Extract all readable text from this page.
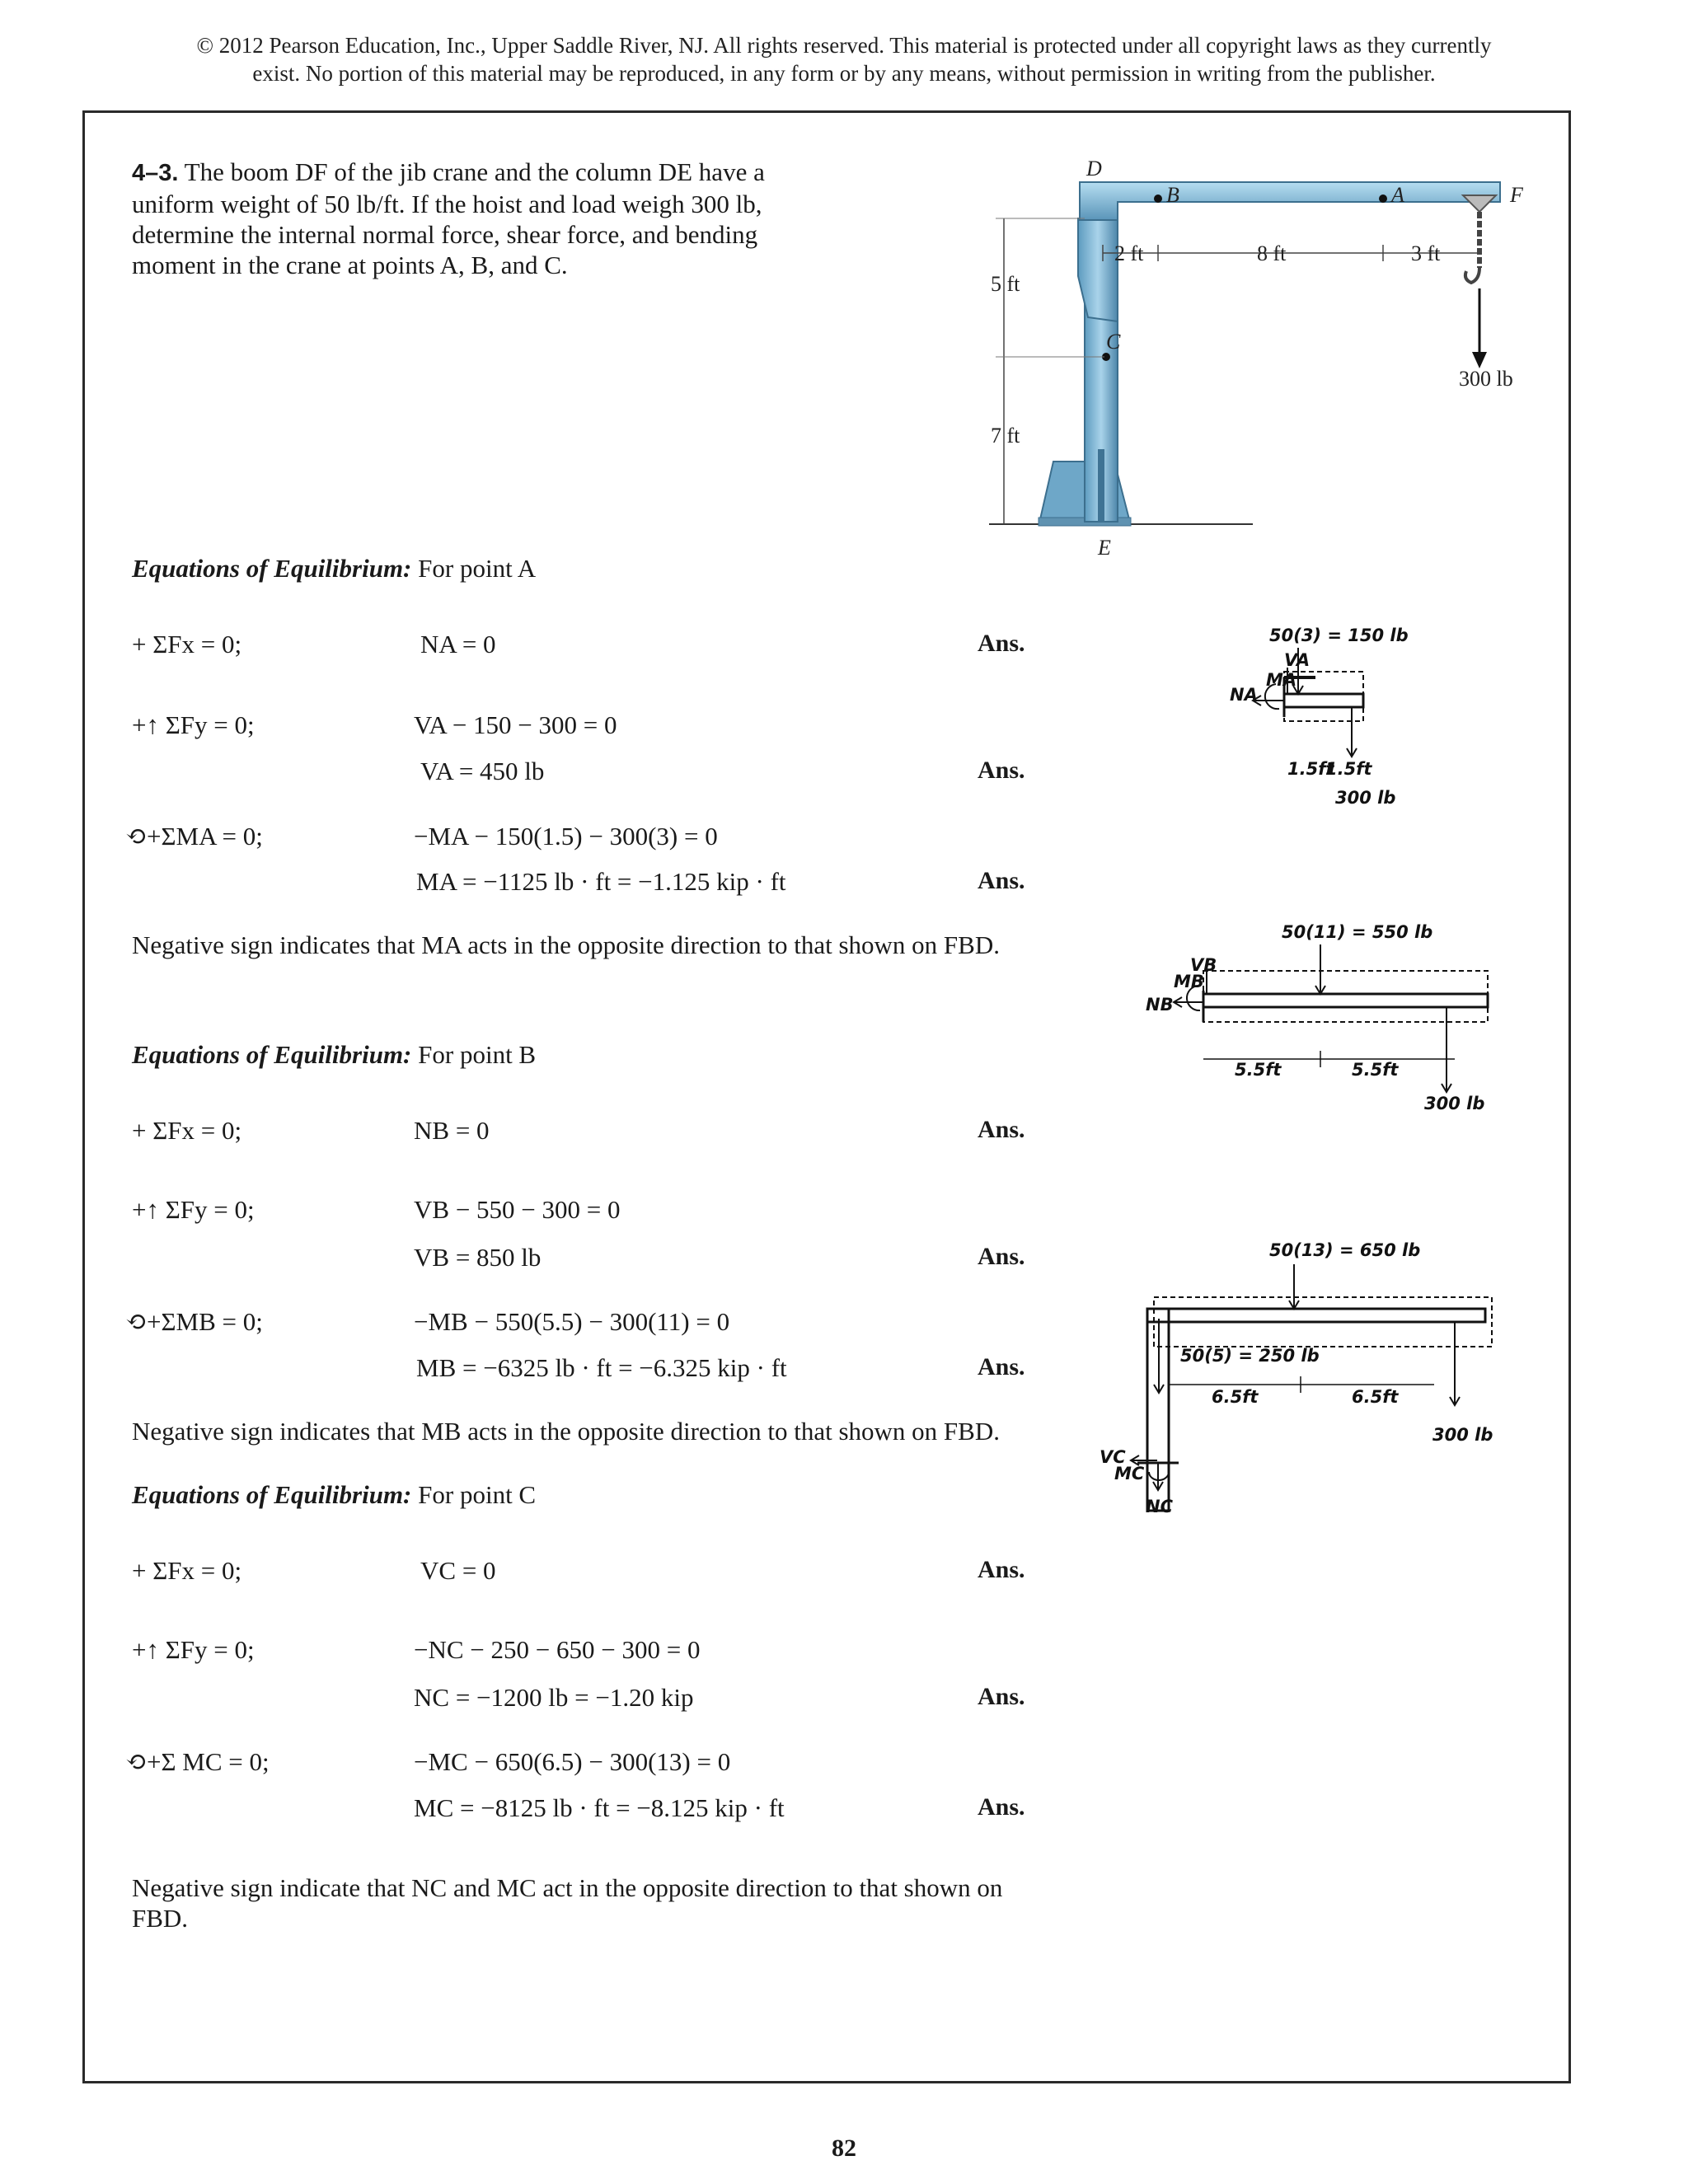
© 2012 Pearson Education, Inc., Upper Saddle River, NJ. All rights reserved. This material is protected under all copyright laws as they currently
exist. No portion of this material may be reproduced, in any form or by any means, without permission in writing from the publisher.
4–3. The boom DF of the jib crane and the column DE have a uniform weight of 50 lb/ft. If the hoist and load weigh 300 lb, determine the internal normal force, shear force, and bending moment in the crane at points A, B, and C.
300 lb
D
B	A	F
C
E
2 ft	8 ft	3 ft
5 ft
7 ft
50(3) = 150 lb
NA
MA
VA
1.5ft
1.5ft
300 lb
50(11) = 550 lb
NB
MB
VB
5.5ft	5.5ft
300 lb
50(13) = 650 lb
50(5) = 250 lb
6.5ft	6.5ft
300 lb
VC
MC
NC
Equations of Equilibrium: For point A
+ ΣFx = 0;	NA = 0	Ans.
+↑ ΣFy = 0;	VA − 150 − 300 = 0
VA = 450 lb	Ans.
⟲+ΣMA = 0;	−MA − 150(1.5) − 300(3) = 0
MA = −1125 lb · ft = −1.125 kip · ft	Ans.
Negative sign indicates that MA acts in the opposite direction to that shown on FBD.
Equations of Equilibrium: For point B
+ ΣFx = 0;	NB = 0	Ans.
+↑ ΣFy = 0;	VB − 550 − 300 = 0
VB = 850 lb	Ans.
⟲+ΣMB = 0;	−MB − 550(5.5) − 300(11) = 0
MB = −6325 lb · ft = −6.325 kip · ft	Ans.
Negative sign indicates that MB acts in the opposite direction to that shown on FBD.
Equations of Equilibrium: For point C
+ ΣFx = 0;	VC = 0	Ans.
+↑ ΣFy = 0;	−NC − 250 − 650 − 300 = 0
NC = −1200 lb = −1.20 kip	Ans.
⟲+Σ MC = 0;	−MC − 650(6.5) − 300(13) = 0
MC = −8125 lb · ft = −8.125 kip · ft	Ans.
Negative sign indicate that NC and MC act in the opposite direction to that shown on FBD.
82
